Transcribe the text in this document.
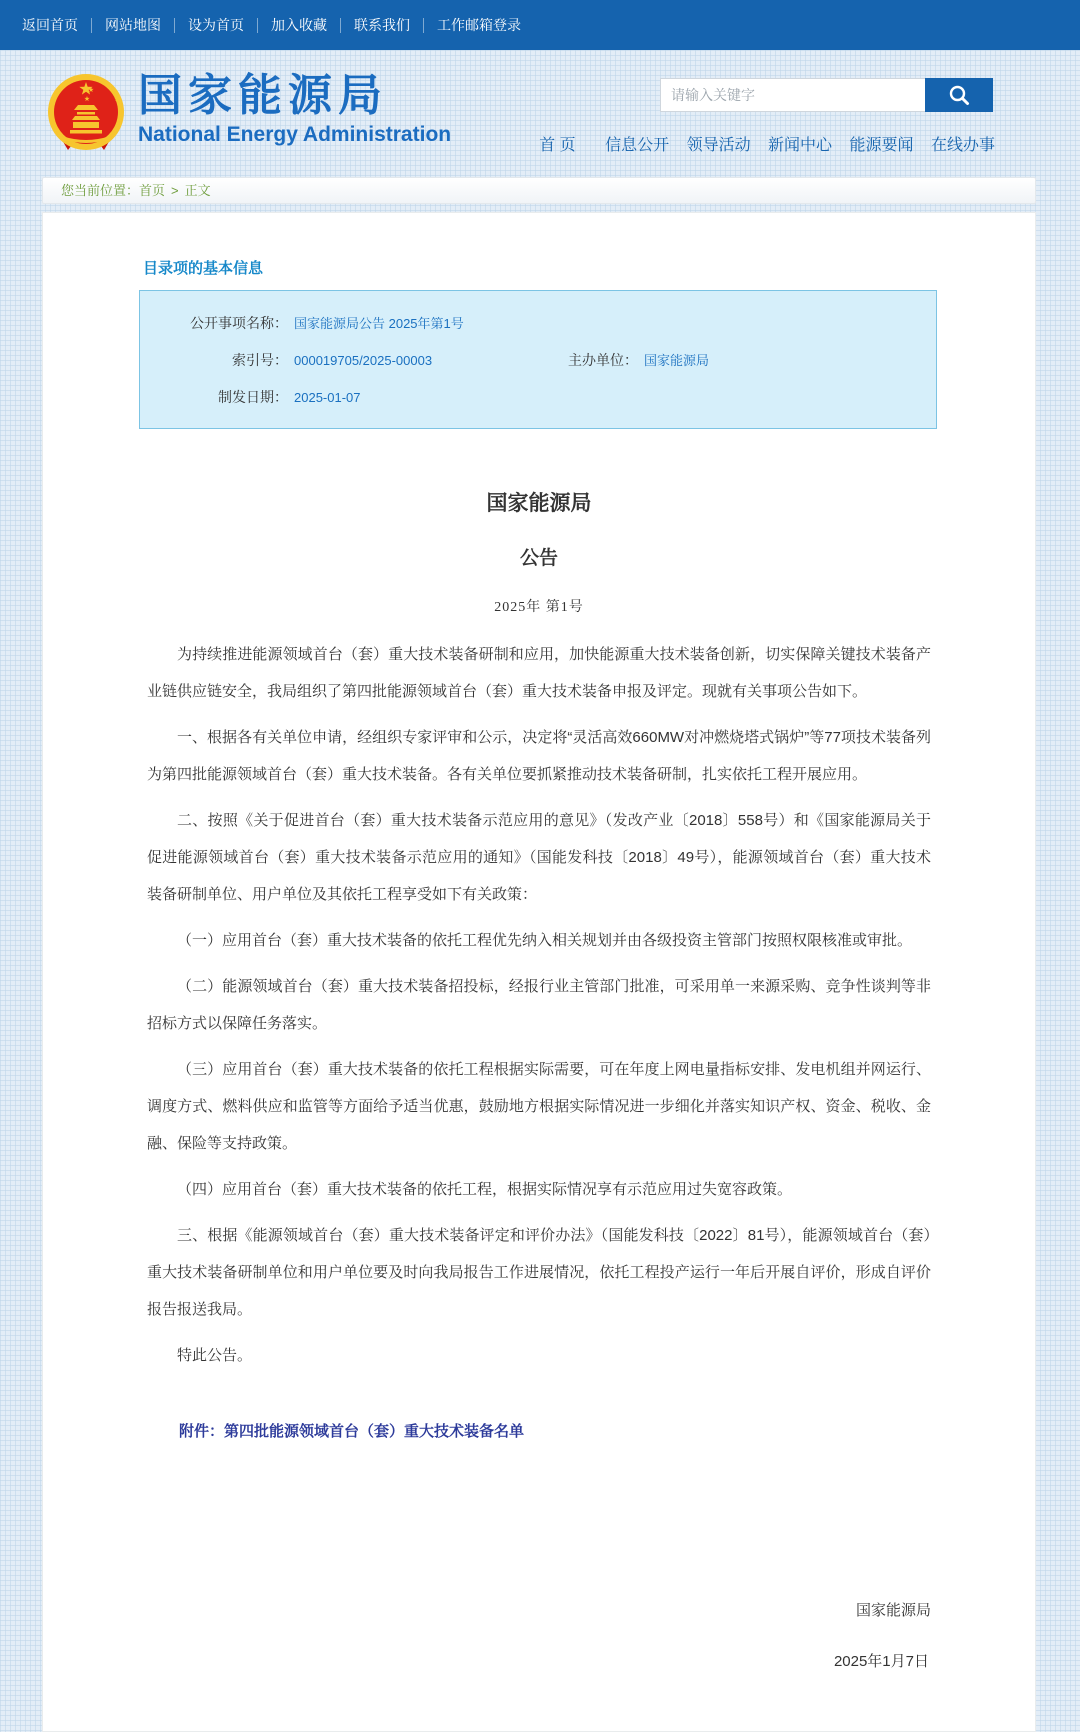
返回首页	网站地图	设为首页	加入收藏	联系我们	工作邮箱登录
国家能源局
National Energy Administration
请输入关键字	首 页 信息公开 领导活动 新闻中心 能源要闻 在线办事
您当前位置：首页 > 正文
目录项的基本信息
公开事项名称： 国家能源局公告 2025年第1号
索引号： 000019705/2025-00003	主办单位： 国家能源局
制发日期： 2025-01-07
国家能源局
公告
2025年 第1号

为持续推进能源领域首台（套）重大技术装备研制和应用，加快能源重大技术装备创新，切实保障关键技术装备产业链供应链安全，我局组织了第四批能源领域首台（套）重大技术装备申报及评定。现就有关事项公告如下。

一、根据各有关单位申请，经组织专家评审和公示，决定将“灵活高效660MW对冲燃烧塔式锅炉”等77项技术装备列为第四批能源领域首台（套）重大技术装备。各有关单位要抓紧推动技术装备研制，扎实依托工程开展应用。

二、按照《关于促进首台（套）重大技术装备示范应用的意见》（发改产业〔2018〕558号）和《国家能源局关于促进能源领域首台（套）重大技术装备示范应用的通知》（国能发科技〔2018〕49号），能源领域首台（套）重大技术装备研制单位、用户单位及其依托工程享受如下有关政策：

（一）应用首台（套）重大技术装备的依托工程优先纳入相关规划并由各级投资主管部门按照权限核准或审批。

（二）能源领域首台（套）重大技术装备招投标，经报行业主管部门批准，可采用单一来源采购、竞争性谈判等非招标方式以保障任务落实。

（三）应用首台（套）重大技术装备的依托工程根据实际需要，可在年度上网电量指标安排、发电机组并网运行、调度方式、燃料供应和监管等方面给予适当优惠，鼓励地方根据实际情况进一步细化并落实知识产权、资金、税收、金融、保险等支持政策。

（四）应用首台（套）重大技术装备的依托工程，根据实际情况享有示范应用过失宽容政策。

三、根据《能源领域首台（套）重大技术装备评定和评价办法》（国能发科技〔2022〕81号），能源领域首台（套）重大技术装备研制单位和用户单位要及时向我局报告工作进展情况，依托工程投产运行一年后开展自评价，形成自评价报告报送我局。

特此公告。

附件：第四批能源领域首台（套）重大技术装备名单
国家能源局
2025年1月7日
